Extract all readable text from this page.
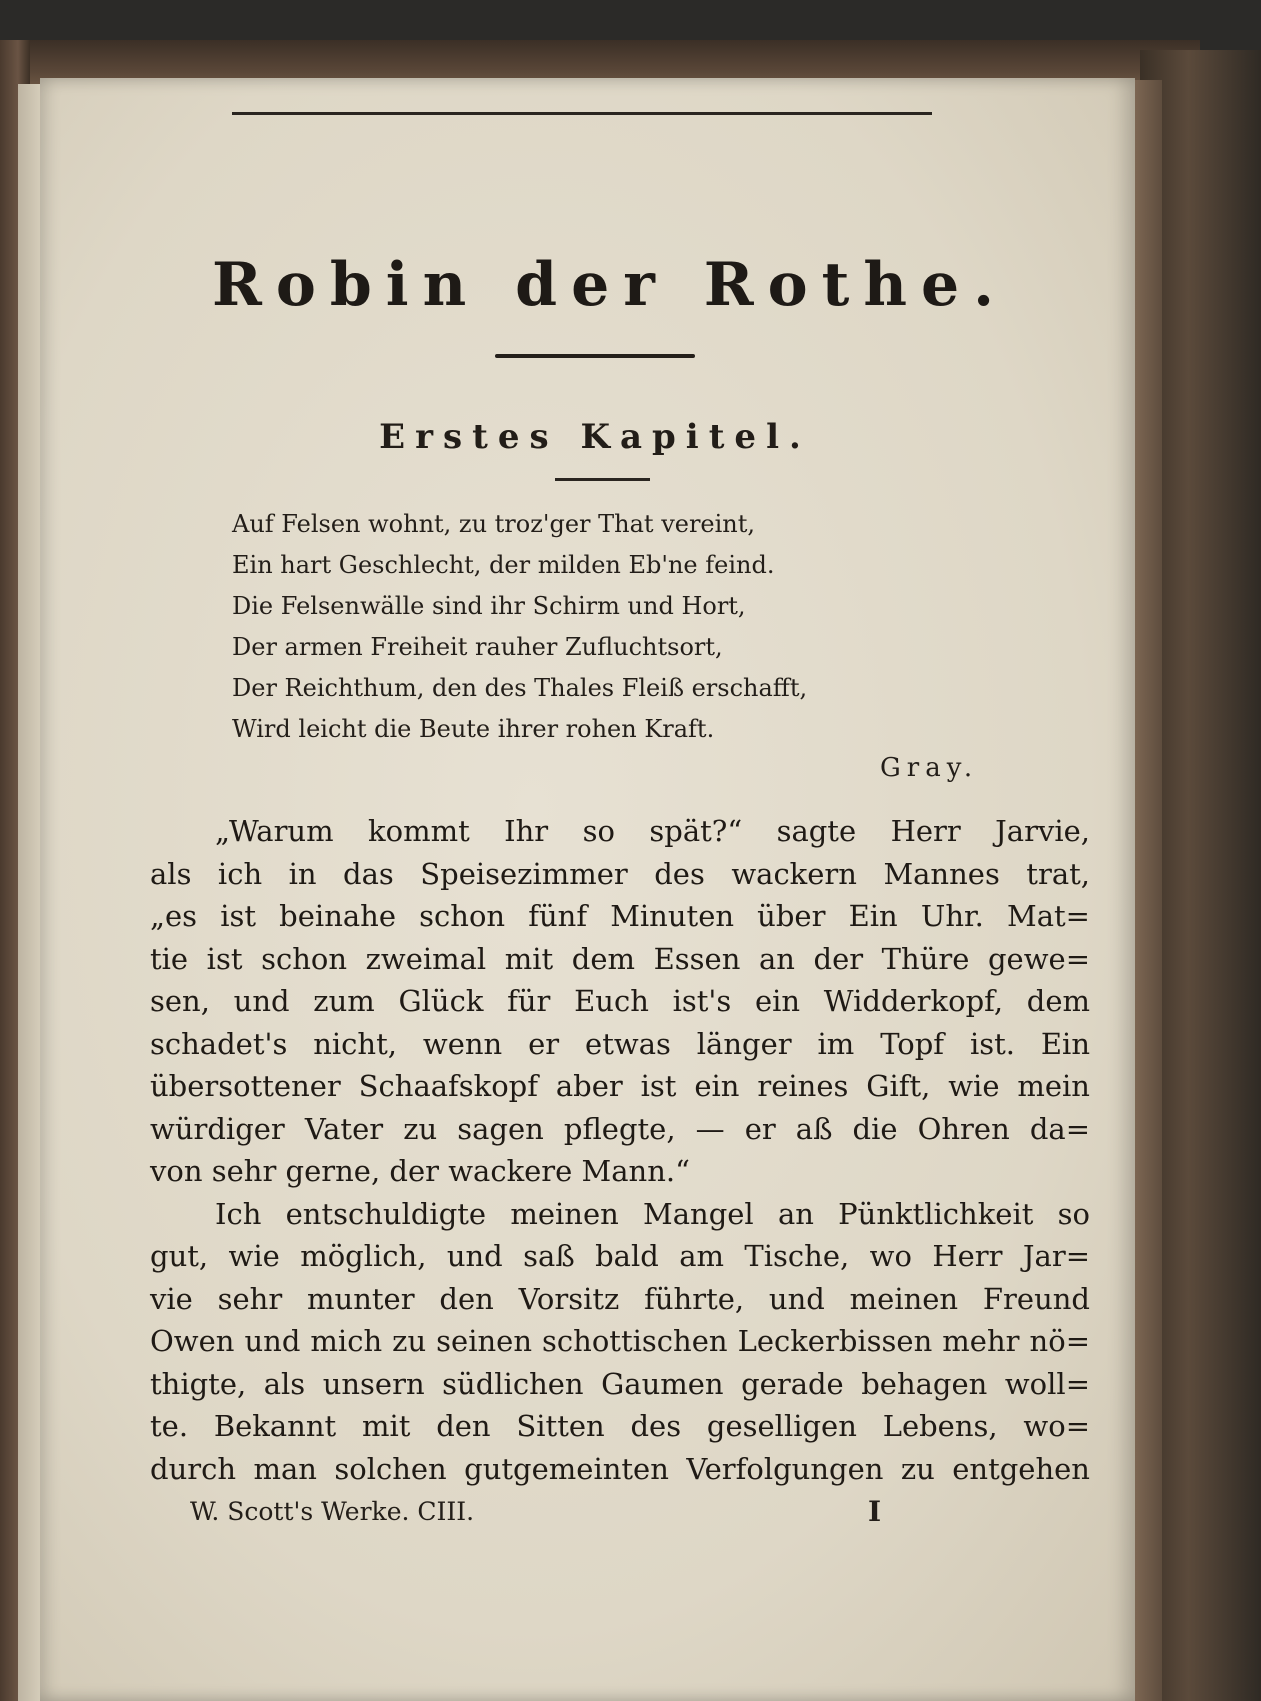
Robin der Rothe.
Erstes Kapitel.
Auf Felsen wohnt, zu troz'ger That vereint,
Ein hart Geschlecht, der milden Eb'ne feind.
Die Felsenwälle sind ihr Schirm und Hort,
Der armen Freiheit rauher Zufluchtsort,
Der Reichthum, den des Thales Fleiß erschafft,
Wird leicht die Beute ihrer rohen Kraft.
Gray.
„Warum kommt Ihr so spät?“ sagte Herr Jarvie,
als ich in das Speisezimmer des wackern Mannes trat,
„es ist beinahe schon fünf Minuten über Ein Uhr. Mat=
tie ist schon zweimal mit dem Essen an der Thüre gewe=
sen, und zum Glück für Euch ist's ein Widderkopf, dem
schadet's nicht, wenn er etwas länger im Topf ist. Ein
übersottener Schaafskopf aber ist ein reines Gift, wie mein
würdiger Vater zu sagen pflegte, — er aß die Ohren da=
von sehr gerne, der wackere Mann.“
Ich entschuldigte meinen Mangel an Pünktlichkeit so
gut, wie möglich, und saß bald am Tische, wo Herr Jar=
vie sehr munter den Vorsitz führte, und meinen Freund
Owen und mich zu seinen schottischen Leckerbissen mehr nö=
thigte, als unsern südlichen Gaumen gerade behagen woll=
te. Bekannt mit den Sitten des geselligen Lebens, wo=
durch man solchen gutgemeinten Verfolgungen zu entgehen
W. Scott's Werke. CIII.	I
